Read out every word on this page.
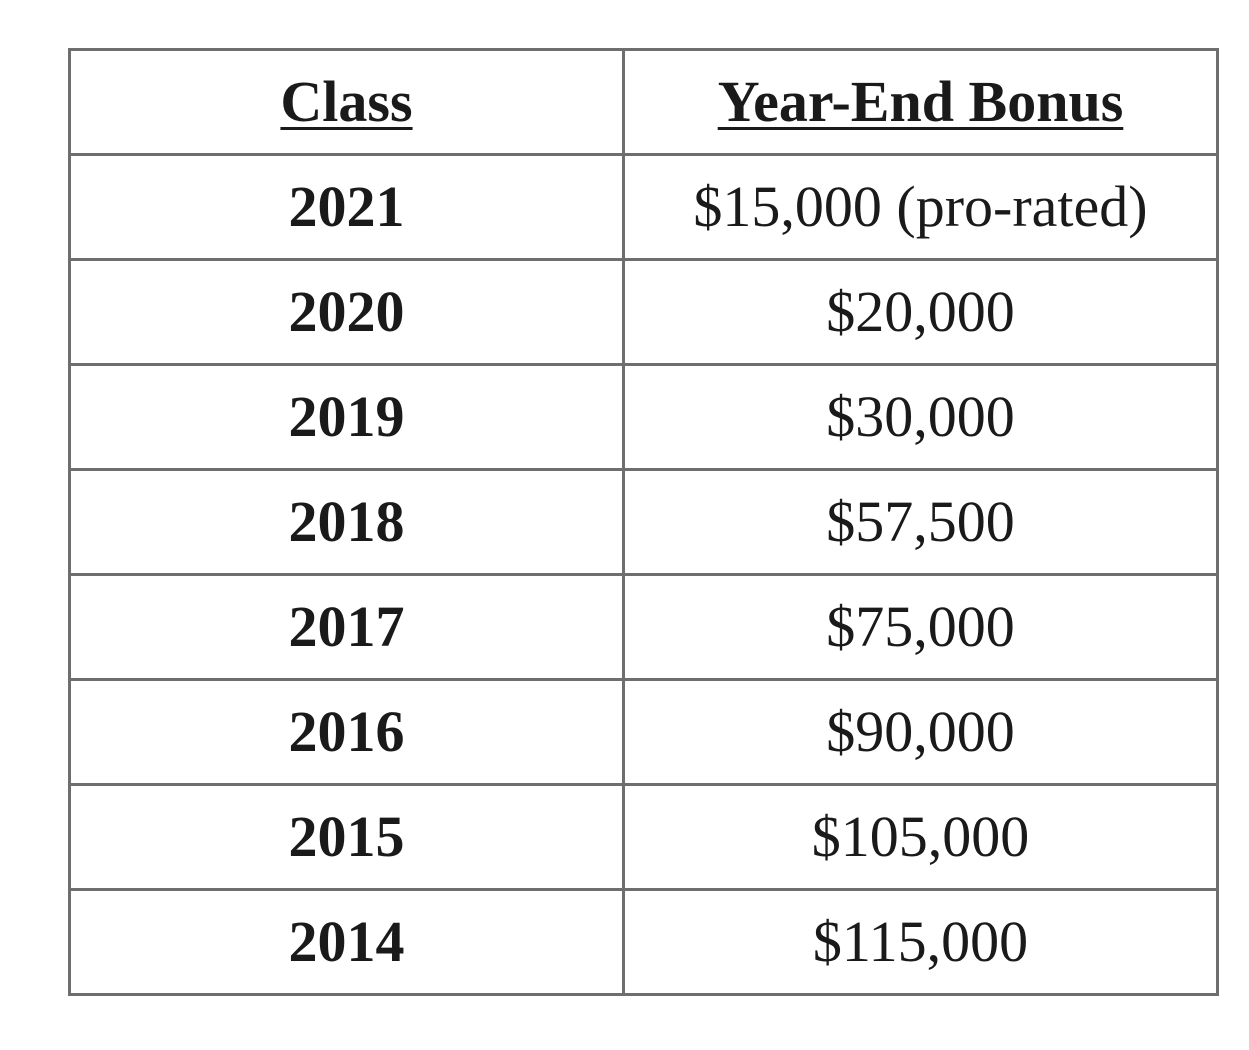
Class	Year-End Bonus
2021	$15,000 (pro-rated)
2020	$20,000
2019	$30,000
2018	$57,500
2017	$75,000
2016	$90,000
2015	$105,000
2014	$115,000
